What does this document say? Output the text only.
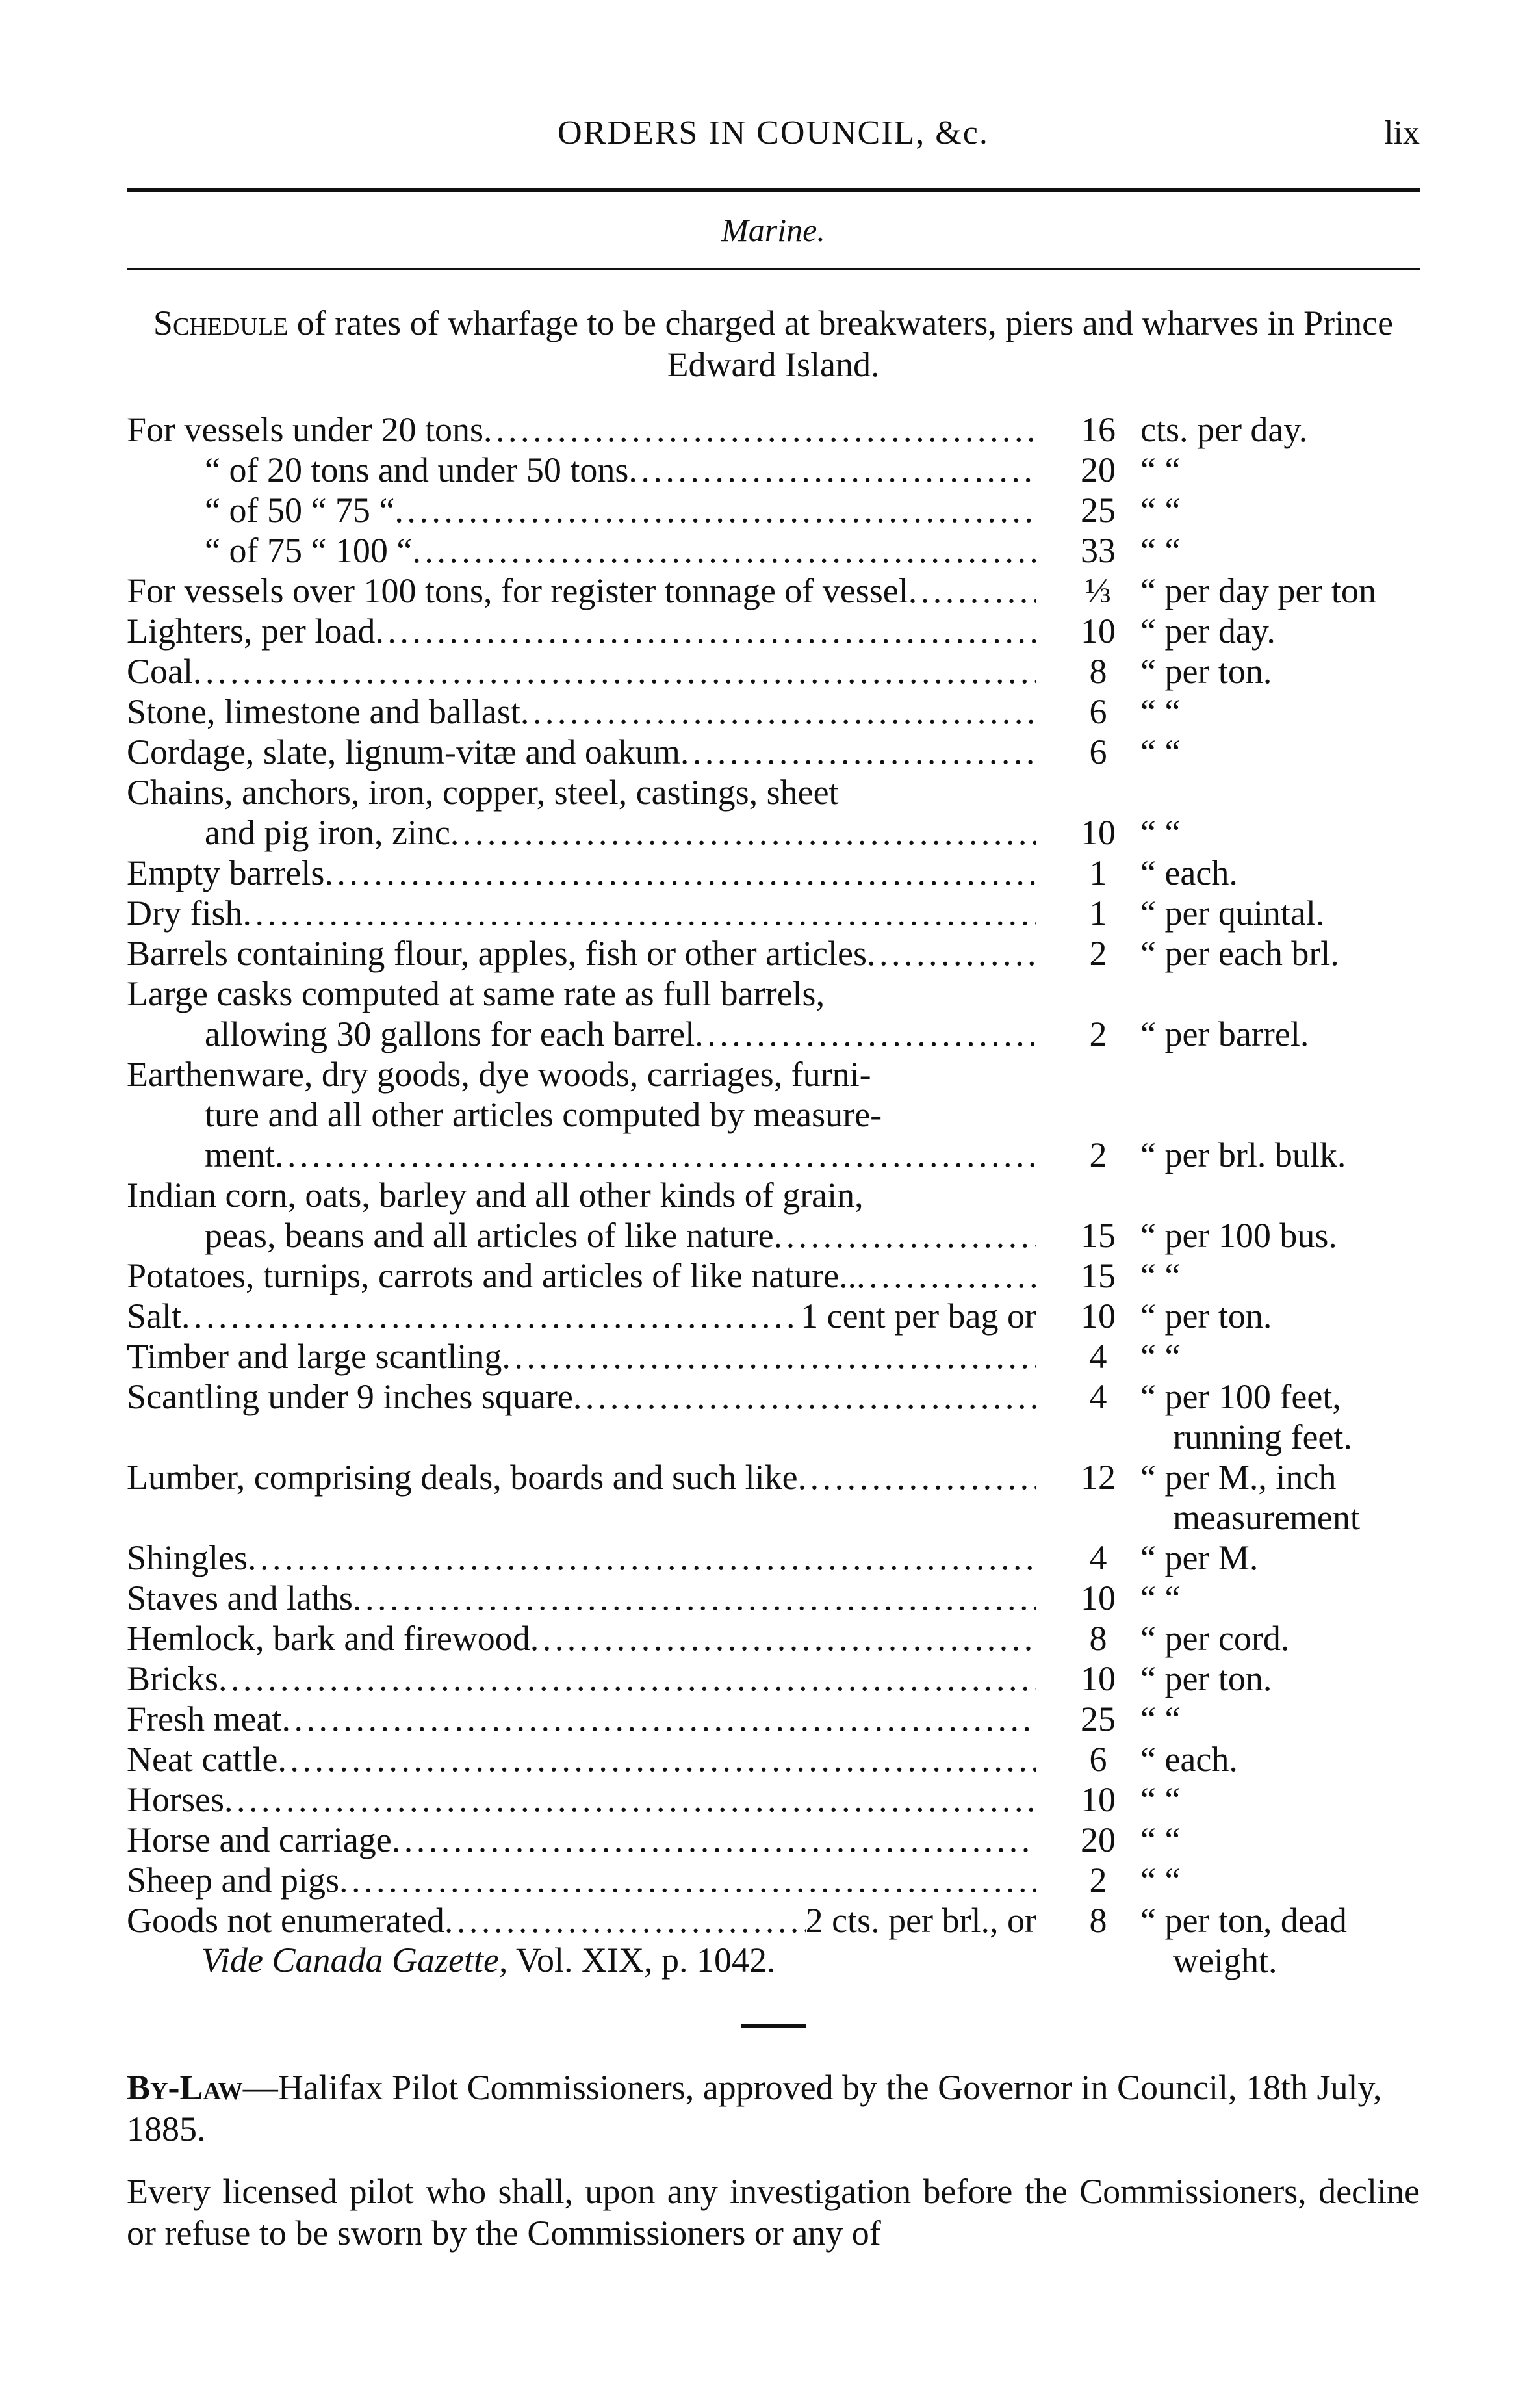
ORDERS IN COUNCIL, &c.	lix
Marine.
Schedule of rates of wharfage to be charged at breakwaters, piers and wharves in Prince Edward Island.
For vessels under 20 tons . . .	16 cts. per day.
“ of 20 tons and under 50 tons . . .	20 “ “
“ of 50 “ 75 “ . . .	25 “ “
“ of 75 “ 100 “ . . .	33 “ “
For vessels over 100 tons, for register tonnage of vessel . . .	⅓ “ per day per ton
Lighters, per load . . .	10 “ per day.
Coal . . .	8 “ per ton.
Stone, limestone and ballast . . .	6 “ “
Cordage, slate, lignum-vitæ and oakum . . .	6 “ “
Chains, anchors, iron, copper, steel, castings, sheet
and pig iron, zinc . . .	10 “ “
Empty barrels . . .	1 “ each.
Dry fish . . .	1 “ per quintal.
Barrels containing flour, apples, fish or other articles . . .	2 “ per each brl.
Large casks computed at same rate as full barrels,
allowing 30 gallons for each barrel . . .	2 “ per barrel.
Earthenware, dry goods, dye woods, carriages, furni-
ture and all other articles computed by measure-
ment . . .	2 “ per brl. bulk.
Indian corn, oats, barley and all other kinds of grain,
peas, beans and all articles of like nature . . .	15 “ per 100 bus.
Potatoes, turnips, carrots and articles of like nature.. . . .	15 “ “
Salt . . .	1 cent per bag or	10 “ per ton.
Timber and large scantling . . .	4 “ “
Scantling under 9 inches square . . .	4 “ per 100 feet,
running feet.
Lumber, comprising deals, boards and such like . . .	12 “ per M., inch
measurement
Shingles . . .	4 “ per M.
Staves and laths . . .	10 “ “
Hemlock, bark and firewood . . .	8 “ per cord.
Bricks . . .	10 “ per ton.
Fresh meat . . .	25 “ “
Neat cattle . . .	6 “ each.
Horses . . .	10 “ “
Horse and carriage . . .	20 “ “
Sheep and pigs . . .	2 “ “
Goods not enumerated . . .	2 cts. per brl., or	8 “ per ton, dead
weight.
Vide Canada Gazette, Vol. XIX, p. 1042.
By-Law—Halifax Pilot Commissioners, approved by the Governor in Council, 18th July, 1885.
Every licensed pilot who shall, upon any investigation before the Commissioners, decline or refuse to be sworn by the Commissioners or any of
